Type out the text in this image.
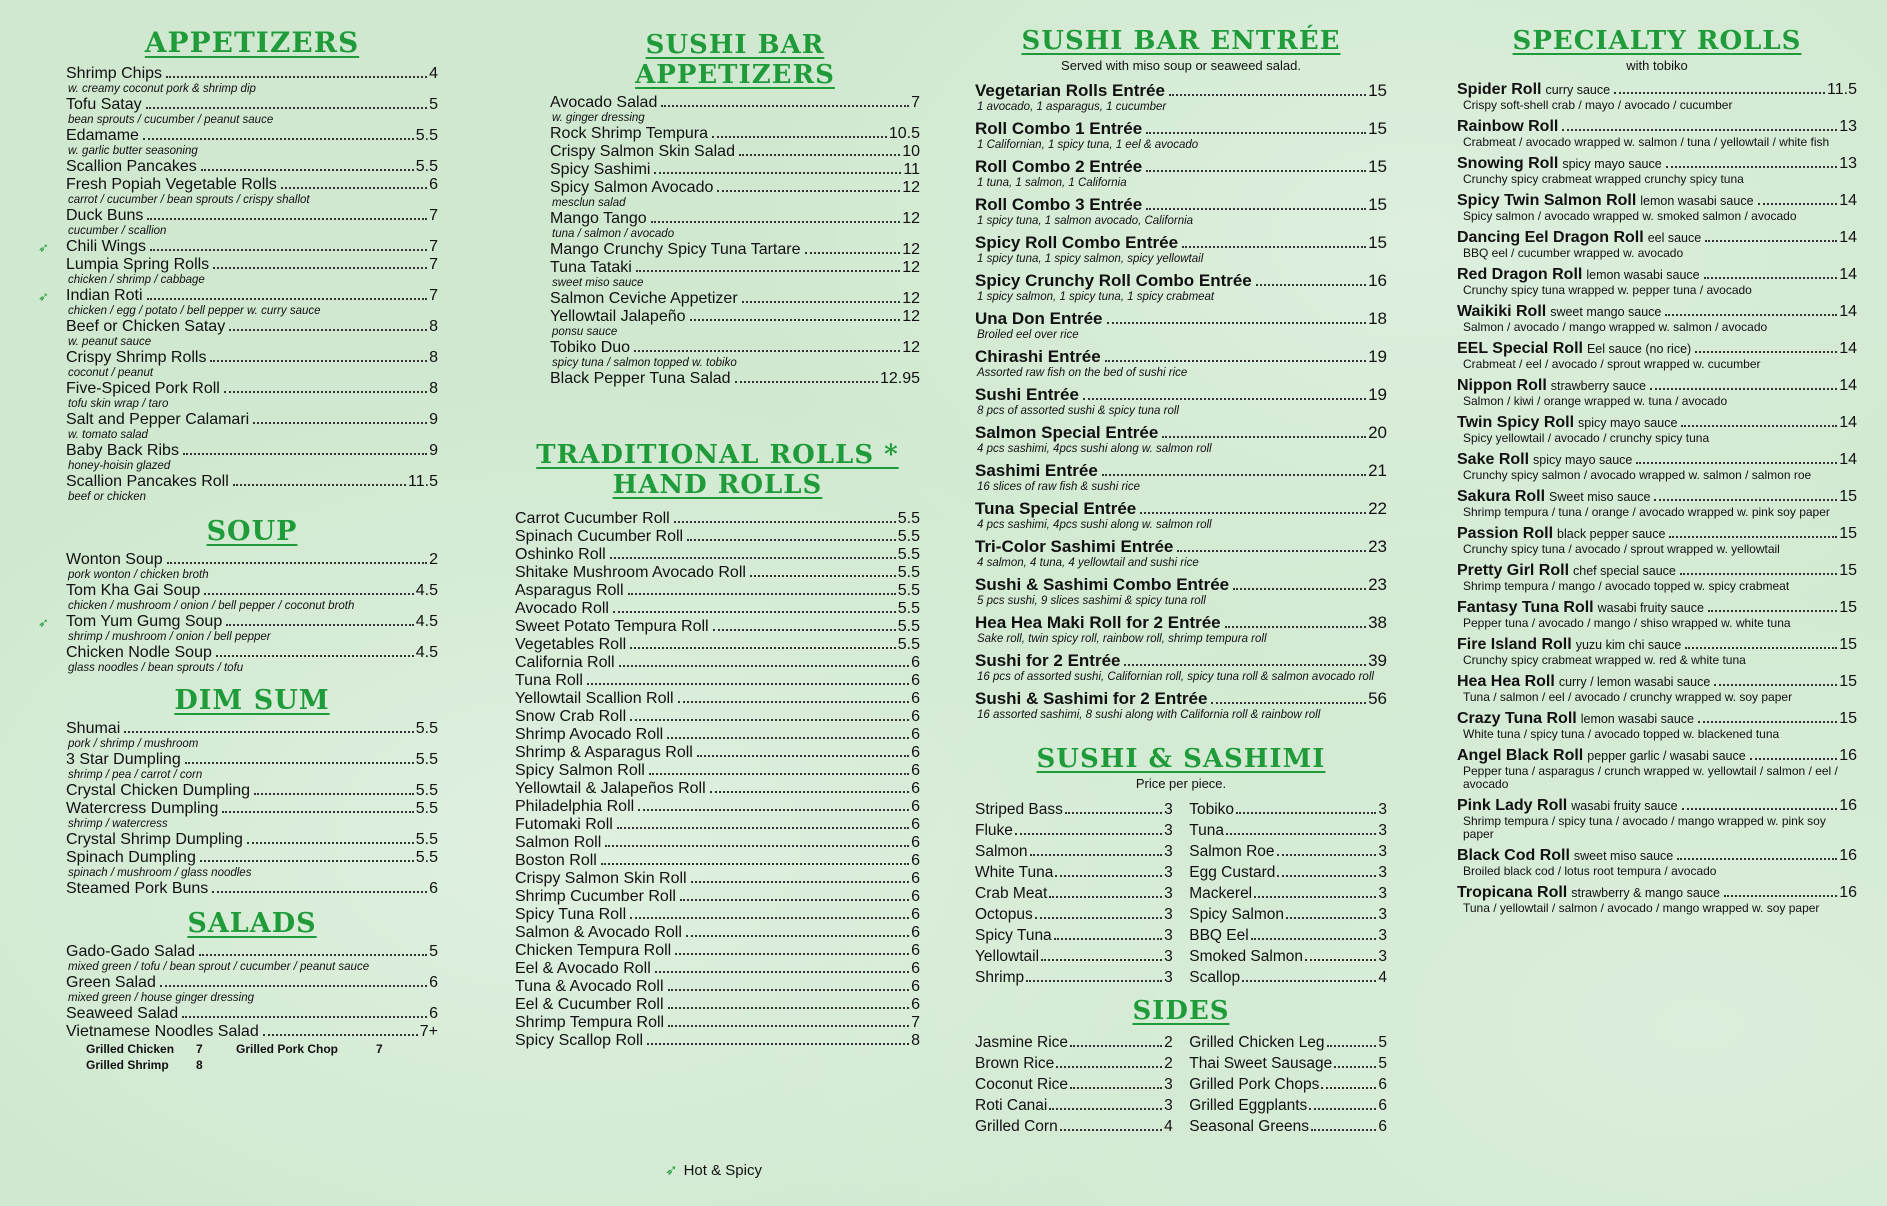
APPETIZERS
Shrimp Chips	4
w. creamy coconut pork & shrimp dip
Tofu Satay	5
bean sprouts / cucumber / peanut sauce
Edamame	5.5
w. garlic butter seasoning
Scallion Pancakes	5.5
Fresh Popiah Vegetable Rolls	6
carrot / cucumber / bean sprouts / crispy shallot
Duck Buns	7
cucumber / scallion
➶ Chili Wings	7
Lumpia Spring Rolls	7
chicken / shrimp / cabbage
➶ Indian Roti	7
chicken / egg / potato / bell pepper w. curry sauce
Beef or Chicken Satay	8
w. peanut sauce
Crispy Shrimp Rolls	8
coconut / peanut
Five-Spiced Pork Roll	8
tofu skin wrap / taro
Salt and Pepper Calamari	9
w. tomato salad
Baby Back Ribs	9
honey-hoisin glazed
Scallion Pancakes Roll	11.5
beef or chicken
SOUP
Wonton Soup	2
pork wonton / chicken broth
Tom Kha Gai Soup	4.5
chicken / mushroom / onion / bell pepper / coconut broth
➶ Tom Yum Gumg Soup	4.5
shrimp / mushroom / onion / bell pepper
Chicken Nodle Soup	4.5
glass noodles / bean sprouts / tofu
DIM SUM
Shumai	5.5
pork / shrimp / mushroom
3 Star Dumpling	5.5
shrimp / pea / carrot / corn
Crystal Chicken Dumpling	5.5
Watercress Dumpling	5.5
shrimp / watercress
Crystal Shrimp Dumpling	5.5
Spinach Dumpling	5.5
spinach / mushroom / glass noodles
Steamed Pork Buns	6
SALADS
Gado-Gado Salad	5
mixed green / tofu / bean sprout / cucumber / peanut sauce
Green Salad	6
mixed green / house ginger dressing
Seaweed Salad	6
Vietnamese Noodles Salad	7+
Grilled Chicken	7	Grilled Pork Chop	7
Grilled Shrimp	8
SUSHI BAR APPETIZERS
Avocado Salad	7
w. ginger dressing
Rock Shrimp Tempura	10.5
Crispy Salmon Skin Salad	10
Spicy Sashimi	11
Spicy Salmon Avocado	12
mesclun salad
Mango Tango	12
tuna / salmon / avocado
Mango Crunchy Spicy Tuna Tartare	12
Tuna Tataki	12
sweet miso sauce
Salmon Ceviche Appetizer	12
Yellowtail Jalapeño	12
ponsu sauce
Tobiko Duo	12
spicy tuna / salmon topped w. tobiko
Black Pepper Tuna Salad	12.95
TRADITIONAL ROLLS *
HAND ROLLS
Carrot Cucumber Roll	5.5
Spinach Cucumber Roll	5.5
Oshinko Roll	5.5
Shitake Mushroom Avocado Roll	5.5
Asparagus Roll	5.5
Avocado Roll	5.5
Sweet Potato Tempura Roll	5.5
Vegetables Roll	5.5
California Roll	6
Tuna Roll	6
Yellowtail Scallion Roll	6
Snow Crab Roll	6
Shrimp Avocado Roll	6
Shrimp & Asparagus Roll	6
Spicy Salmon Roll	6
Yellowtail & Jalapeños Roll	6
Philadelphia Roll	6
Futomaki Roll	6
Salmon Roll	6
Boston Roll	6
Crispy Salmon Skin Roll	6
Shrimp Cucumber Roll	6
Spicy Tuna Roll	6
Salmon & Avocado Roll	6
Chicken Tempura Roll	6
Eel & Avocado Roll	6
Tuna & Avocado Roll	6
Eel & Cucumber Roll	6
Shrimp Tempura Roll	7
Spicy Scallop Roll	8
➶ Hot & Spicy
SUSHI BAR ENTRÉE
Served with miso soup or seaweed salad.
Vegetarian Rolls Entrée	15
1 avocado, 1 asparagus, 1 cucumber
Roll Combo 1 Entrée	15
1 Californian, 1 spicy tuna, 1 eel & avocado
Roll Combo 2 Entrée	15
1 tuna, 1 salmon, 1 California
Roll Combo 3 Entrée	15
1 spicy tuna, 1 salmon avocado, California
Spicy Roll Combo Entrée	15
1 spicy tuna, 1 spicy salmon, spicy yellowtail
Spicy Crunchy Roll Combo Entrée	16
1 spicy salmon, 1 spicy tuna, 1 spicy crabmeat
Una Don Entrée	18
Broiled eel over rice
Chirashi Entrée	19
Assorted raw fish on the bed of sushi rice
Sushi Entrée	19
8 pcs of assorted sushi & spicy tuna roll
Salmon Special Entrée	20
4 pcs sashimi, 4pcs sushi along w. salmon roll
Sashimi Entrée	21
16 slices of raw fish & sushi rice
Tuna Special Entrée	22
4 pcs sashimi, 4pcs sushi along w. salmon roll
Tri-Color Sashimi Entrée	23
4 salmon, 4 tuna, 4 yellowtail and sushi rice
Sushi & Sashimi Combo Entrée	23
5 pcs sushi, 9 slices sashimi & spicy tuna roll
Hea Hea Maki Roll for 2 Entrée	38
Sake roll, twin spicy roll, rainbow roll, shrimp tempura roll
Sushi for 2 Entrée	39
16 pcs of assorted sushi, Californian roll, spicy tuna roll & salmon avocado roll
Sushi & Sashimi for 2 Entrée	56
16 assorted sashimi, 8 sushi along with California roll & rainbow roll
SUSHI & SASHIMI
Price per piece.
Striped Bass	3
Fluke	3
Salmon	3
White Tuna	3
Crab Meat	3
Octopus	3
Spicy Tuna	3
Yellowtail	3
Shrimp	3
Tobiko	3
Tuna	3
Salmon Roe	3
Egg Custard	3
Mackerel	3
Spicy Salmon	3
BBQ Eel	3
Smoked Salmon	3
Scallop	4
SIDES
Jasmine Rice	2
Brown Rice	2
Coconut Rice	3
Roti Canai	3
Grilled Corn	4
Grilled Chicken Leg	5
Thai Sweet Sausage	5
Grilled Pork Chops	6
Grilled Eggplants	6
Seasonal Greens	6
SPECIALTY ROLLS
with tobiko
Spider Roll curry sauce	11.5
Crispy soft-shell crab / mayo / avocado / cucumber
Rainbow Roll	13
Crabmeat / avocado wrapped w. salmon / tuna / yellowtail / white fish
Snowing Roll spicy mayo sauce	13
Crunchy spicy crabmeat wrapped crunchy spicy tuna
Spicy Twin Salmon Roll lemon wasabi sauce	14
Spicy salmon / avocado wrapped w. smoked salmon / avocado
Dancing Eel Dragon Roll eel sauce	14
BBQ eel / cucumber wrapped w. avocado
Red Dragon Roll lemon wasabi sauce	14
Crunchy spicy tuna wrapped w. pepper tuna / avocado
Waikiki Roll sweet mango sauce	14
Salmon / avocado / mango wrapped w. salmon / avocado
EEL Special Roll Eel sauce (no rice)	14
Crabmeat / eel / avocado / sprout wrapped w. cucumber
Nippon Roll strawberry sauce	14
Salmon / kiwi / orange wrapped w. tuna / avocado
Twin Spicy Roll spicy mayo sauce	14
Spicy yellowtail / avocado / crunchy spicy tuna
Sake Roll spicy mayo sauce	14
Crunchy spicy salmon / avocado wrapped w. salmon / salmon roe
Sakura Roll Sweet miso sauce	15
Shrimp tempura / tuna / orange / avocado wrapped w. pink soy paper
Passion Roll black pepper sauce	15
Crunchy spicy tuna / avocado / sprout wrapped w. yellowtail
Pretty Girl Roll chef special sauce	15
Shrimp tempura / mango / avocado topped w. spicy crabmeat
Fantasy Tuna Roll wasabi fruity sauce	15
Pepper tuna / avocado / mango / shiso wrapped w. white tuna
Fire Island Roll yuzu kim chi sauce	15
Crunchy spicy crabmeat wrapped w. red & white tuna
Hea Hea Roll curry / lemon wasabi sauce	15
Tuna / salmon / eel / avocado / crunchy wrapped w. soy paper
Crazy Tuna Roll lemon wasabi sauce	15
White tuna / spicy tuna / avocado topped w. blackened tuna
Angel Black Roll pepper garlic / wasabi sauce	16
Pepper tuna / asparagus / crunch wrapped w. yellowtail / salmon / eel / avocado
Pink Lady Roll wasabi fruity sauce	16
Shrimp tempura / spicy tuna / avocado / mango wrapped w. pink soy paper
Black Cod Roll sweet miso sauce	16
Broiled black cod / lotus root tempura / avocado
Tropicana Roll strawberry & mango sauce	16
Tuna / yellowtail / salmon / avocado / mango wrapped w. soy paper
